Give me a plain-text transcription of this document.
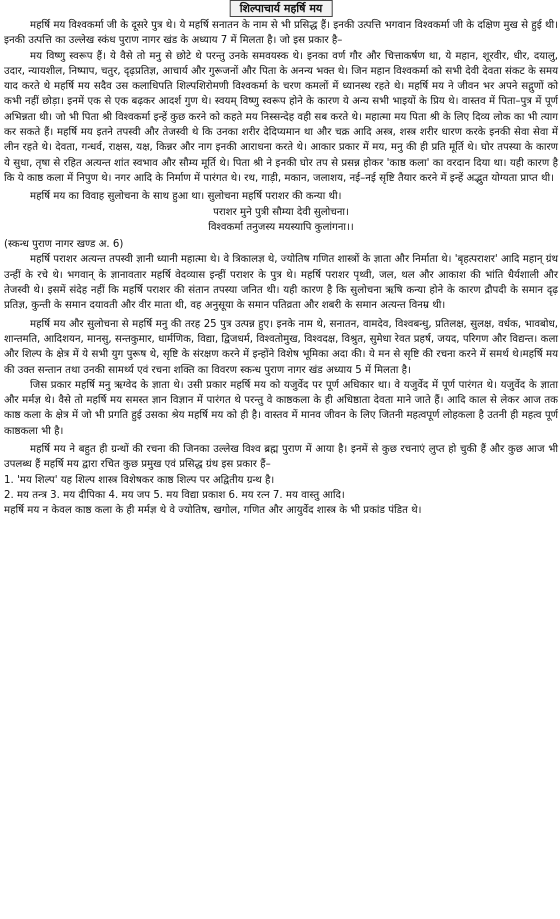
शिल्पाचार्य महर्षि मय

महर्षि मय विश्वकर्मा जी के दूसरे पुत्र थे। ये महर्षि सनातन के नाम से भी प्रसिद्ध हैं। इनकी उत्पत्ति भगवान विश्वकर्मा जी के दक्षिण मुख से हुई थी। इनकी उत्पत्ति का उल्लेख स्कंध पुराण नागर खंड के अध्याय 7 में मिलता है। जो इस प्रकार है–

मय विष्णु स्वरूप हैं। ये वैसे तो मनु से छोटे थे परन्तु उनके समवयस्क थे। इनका वर्ण गौर और चित्ताकर्षण था, ये महान, शूरवीर, धीर, दयालु, उदार, न्यायशील, निष्पाप, चतुर, दृढ़प्रतिज्ञ, आचार्य और गुरूजनों और पिता के अनन्य भक्त थे। जिन महान विश्वकर्मा को सभी देवी देवता संकट के समय याद करते थे महर्षि मय सदैव उस कलाधिपति शिल्पशिरोमणी विश्वकर्मा के चरण कमलों में ध्यानस्थ रहते थे। महर्षि मय ने जीवन भर अपने सद्गुणों को कभी नहीं छोड़ा। इनमें एक से एक बढ़कर आदर्श गुण थे। स्वयम् विष्णु स्वरूप होने के कारण ये अन्य सभी भाइयों के प्रिय थे। वास्तव में पिता–पुत्र में पूर्ण अभिन्नता थी। जो भी पिता श्री विश्वकर्मा इन्हें कुछ करने को कहते मय निस्सन्देह वही सब करते थे। महात्मा मय पिता श्री के लिए दिव्य लोक का भी त्याग कर सकते हैं। महर्षि मय इतने तपस्वी और तेजस्वी थे कि उनका शरीर देदिप्यमान था और चक्र आदि अस्त्र, शस्त्र शरीर धारण करके इनकी सेवा सेवा में लीन रहते थे। देवता, गन्धर्व, राक्षस, यक्ष, किन्नर और नाग इनकी आराधना करते थे। आकार प्रकार में मय, मनु की ही प्रति मूर्ति थे। घोर तपस्या के कारण ये सुधा, तृषा से रहित अत्यन्त शांत स्वभाव और सौम्य मूर्ति थे। पिता श्री ने इनकी घोर तप से प्रसन्न होकर 'काष्ठ कला' का वरदान दिया था। यही कारण है कि ये काष्ठ कला में निपुण थे। नगर आदि के निर्माण में पारंगत थे। रथ, गाड़ी, मकान, जलाशय, नई–नई सृष्टि तैयार करने में इन्हें अद्भुत योग्यता प्राप्त थी।

महर्षि मय का विवाह सुलोचना के साथ हुआ था। सुलोचना महर्षि पराशर की कन्या थी।

पराशर मुने पुत्री सौम्या देवी सुलोचना।

विश्वकर्मा तनुजस्य मयस्यापि कुलांगना।।

(स्कन्ध पुराण नागर खण्ड अ. 6)

महर्षि पराशर अत्यन्त तपस्वी ज्ञानी ध्यानी महात्मा थे। वे त्रिकालज्ञ थे, ज्योतिष गणित शास्त्रों के ज्ञाता और निर्माता थे। 'बृहत्पराशर' आदि महान् ग्रंथ उन्हीं के रचे थे। भगवान् के ज्ञानावतार महर्षि वेदव्यास इन्हीं पराशर के पुत्र थे। महर्षि पराशर पृथ्वी, जल, थल और आकाश की भांति धैर्यशाली और तेजस्वी थे। इसमें संदेह नहीं कि महर्षि पराशर की संतान तपस्या जनित थी। यही कारण है कि सुलोचना ऋषि कन्या होने के कारण द्रौपदी के समान दृढ़ प्रतिज्ञ, कुन्ती के समान दयावती और वीर माता थी, वह अनुसूया के समान पतिव्रता और शबरी के समान अत्यन्त विनम्र थी।

महर्षि मय और सुलोचना से महर्षि मनु की तरह 25 पुत्र उत्पन्न हुए। इनके नाम थे, सनातन, वामदेव, विश्वबन्धु, प्रतिलक्ष, सुलक्ष, वर्धक, भावबोध, शान्तमति, आदिशयन, मानसु, सन्तकुमार, धार्मणिक, विद्या, द्विजधर्म, विश्वतोमुख, विश्वदक्ष, विश्रुत, सुमेधा रेवत प्रहर्ष, जयद, परिगण और विद्यन्त। कला और शिल्प के क्षेत्र में ये सभी युग पुरूष थे, सृष्टि के संरक्षण करने में इन्होंने विशेष भूमिका अदा की। ये मन से सृष्टि की रचना करने में समर्थ थे।महर्षि मय की उक्त सन्तान तथा उनकी सामर्थ्य एवं रचना शक्ति का विवरण स्कन्ध पुराण नागर खंड अध्याय 5 में मिलता है।

जिस प्रकार महर्षि मनु ऋग्वेद के ज्ञाता थे। उसी प्रकार महर्षि मय को यजुर्वेद पर पूर्ण अधिकार था। वे यजुर्वेद में पूर्ण पारंगत थे। यजुर्वेद के ज्ञाता और मर्मज्ञ थे। वैसे तो महर्षि मय समस्त ज्ञान विज्ञान में पारंगत थे परन्तु वे काष्ठकला के ही अधिष्ठाता देवता माने जाते हैं। आदि काल से लेकर आज तक काष्ठ कला के क्षेत्र में जो भी प्रगति हुई उसका श्रेय महर्षि मय को ही है। वास्तव में मानव जीवन के लिए जितनी महत्वपूर्ण लोहकला है उतनी ही महत्व पूर्ण काष्ठकला भी है।

महर्षि मय ने बहुत ही ग्रन्थों की रचना की जिनका उल्लेख विश्व ब्रह्म पुराण में आया है। इनमें से कुछ रचनाएं लुप्त हो चुकी हैं और कुछ आज भी उपलब्ध हैं महर्षि मय द्वारा रचित कुछ प्रमुख एवं प्रसिद्ध ग्रंथ इस प्रकार हैं–

1. 'मय शिल्प' यह शिल्प शास्त्र विशेषकर काष्ठ शिल्प पर अद्वितीय ग्रन्थ है।

2. मय तन्त्र 3. मय दीपिका 4. मय जप 5. मय विद्या प्रकाश 6. मय रत्न 7. मय वास्तु आदि।

महर्षि मय न केवल काष्ठ कला के ही मर्मज्ञ थे वे ज्योतिष, खगोल, गणित और आयुर्वेद शास्त्र के भी प्रकांड पंडित थे।
